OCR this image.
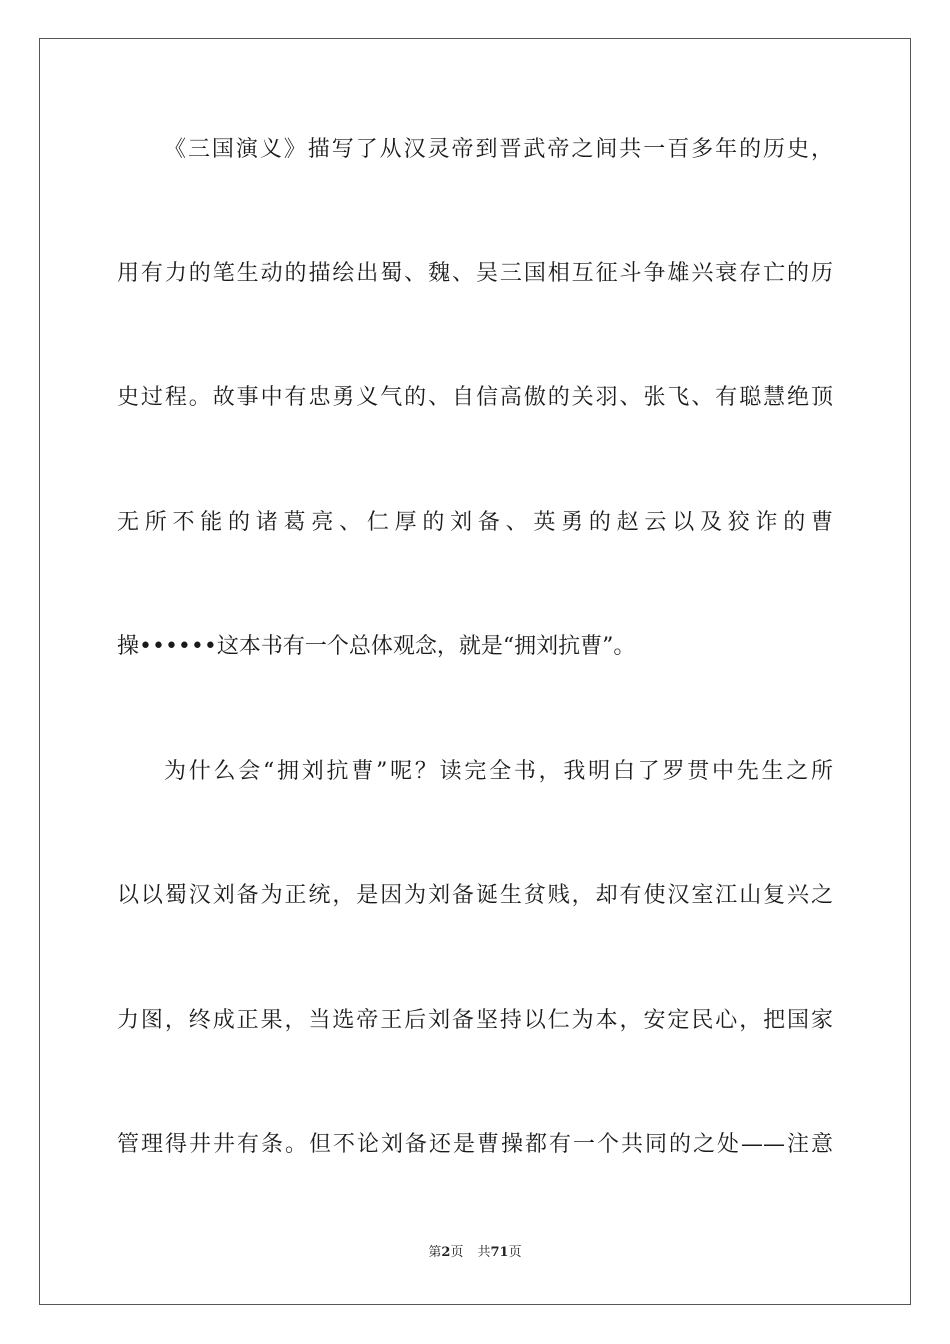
《三国演义》描写了从汉灵帝到晋武帝之间共一百多年的历史，
用有力的笔生动的描绘出蜀、魏、吴三国相互征斗争雄兴衰存亡的历
史过程。故事中有忠勇义气的、自信高傲的关羽、张飞、有聪慧绝顶
无所不能的诸葛亮、仁厚的刘备、英勇的赵云以及狡诈的曹
操••••••这本书有一个总体观念，就是“拥刘抗曹”。
为什么会“拥刘抗曹”呢？读完全书，我明白了罗贯中先生之所
以以蜀汉刘备为正统，是因为刘备诞生贫贱，却有使汉室江山复兴之
力图，终成正果，当选帝王后刘备坚持以仁为本，安定民心，把国家
管理得井井有条。但不论刘备还是曹操都有一个共同的之处——注意
第2页 共71页
